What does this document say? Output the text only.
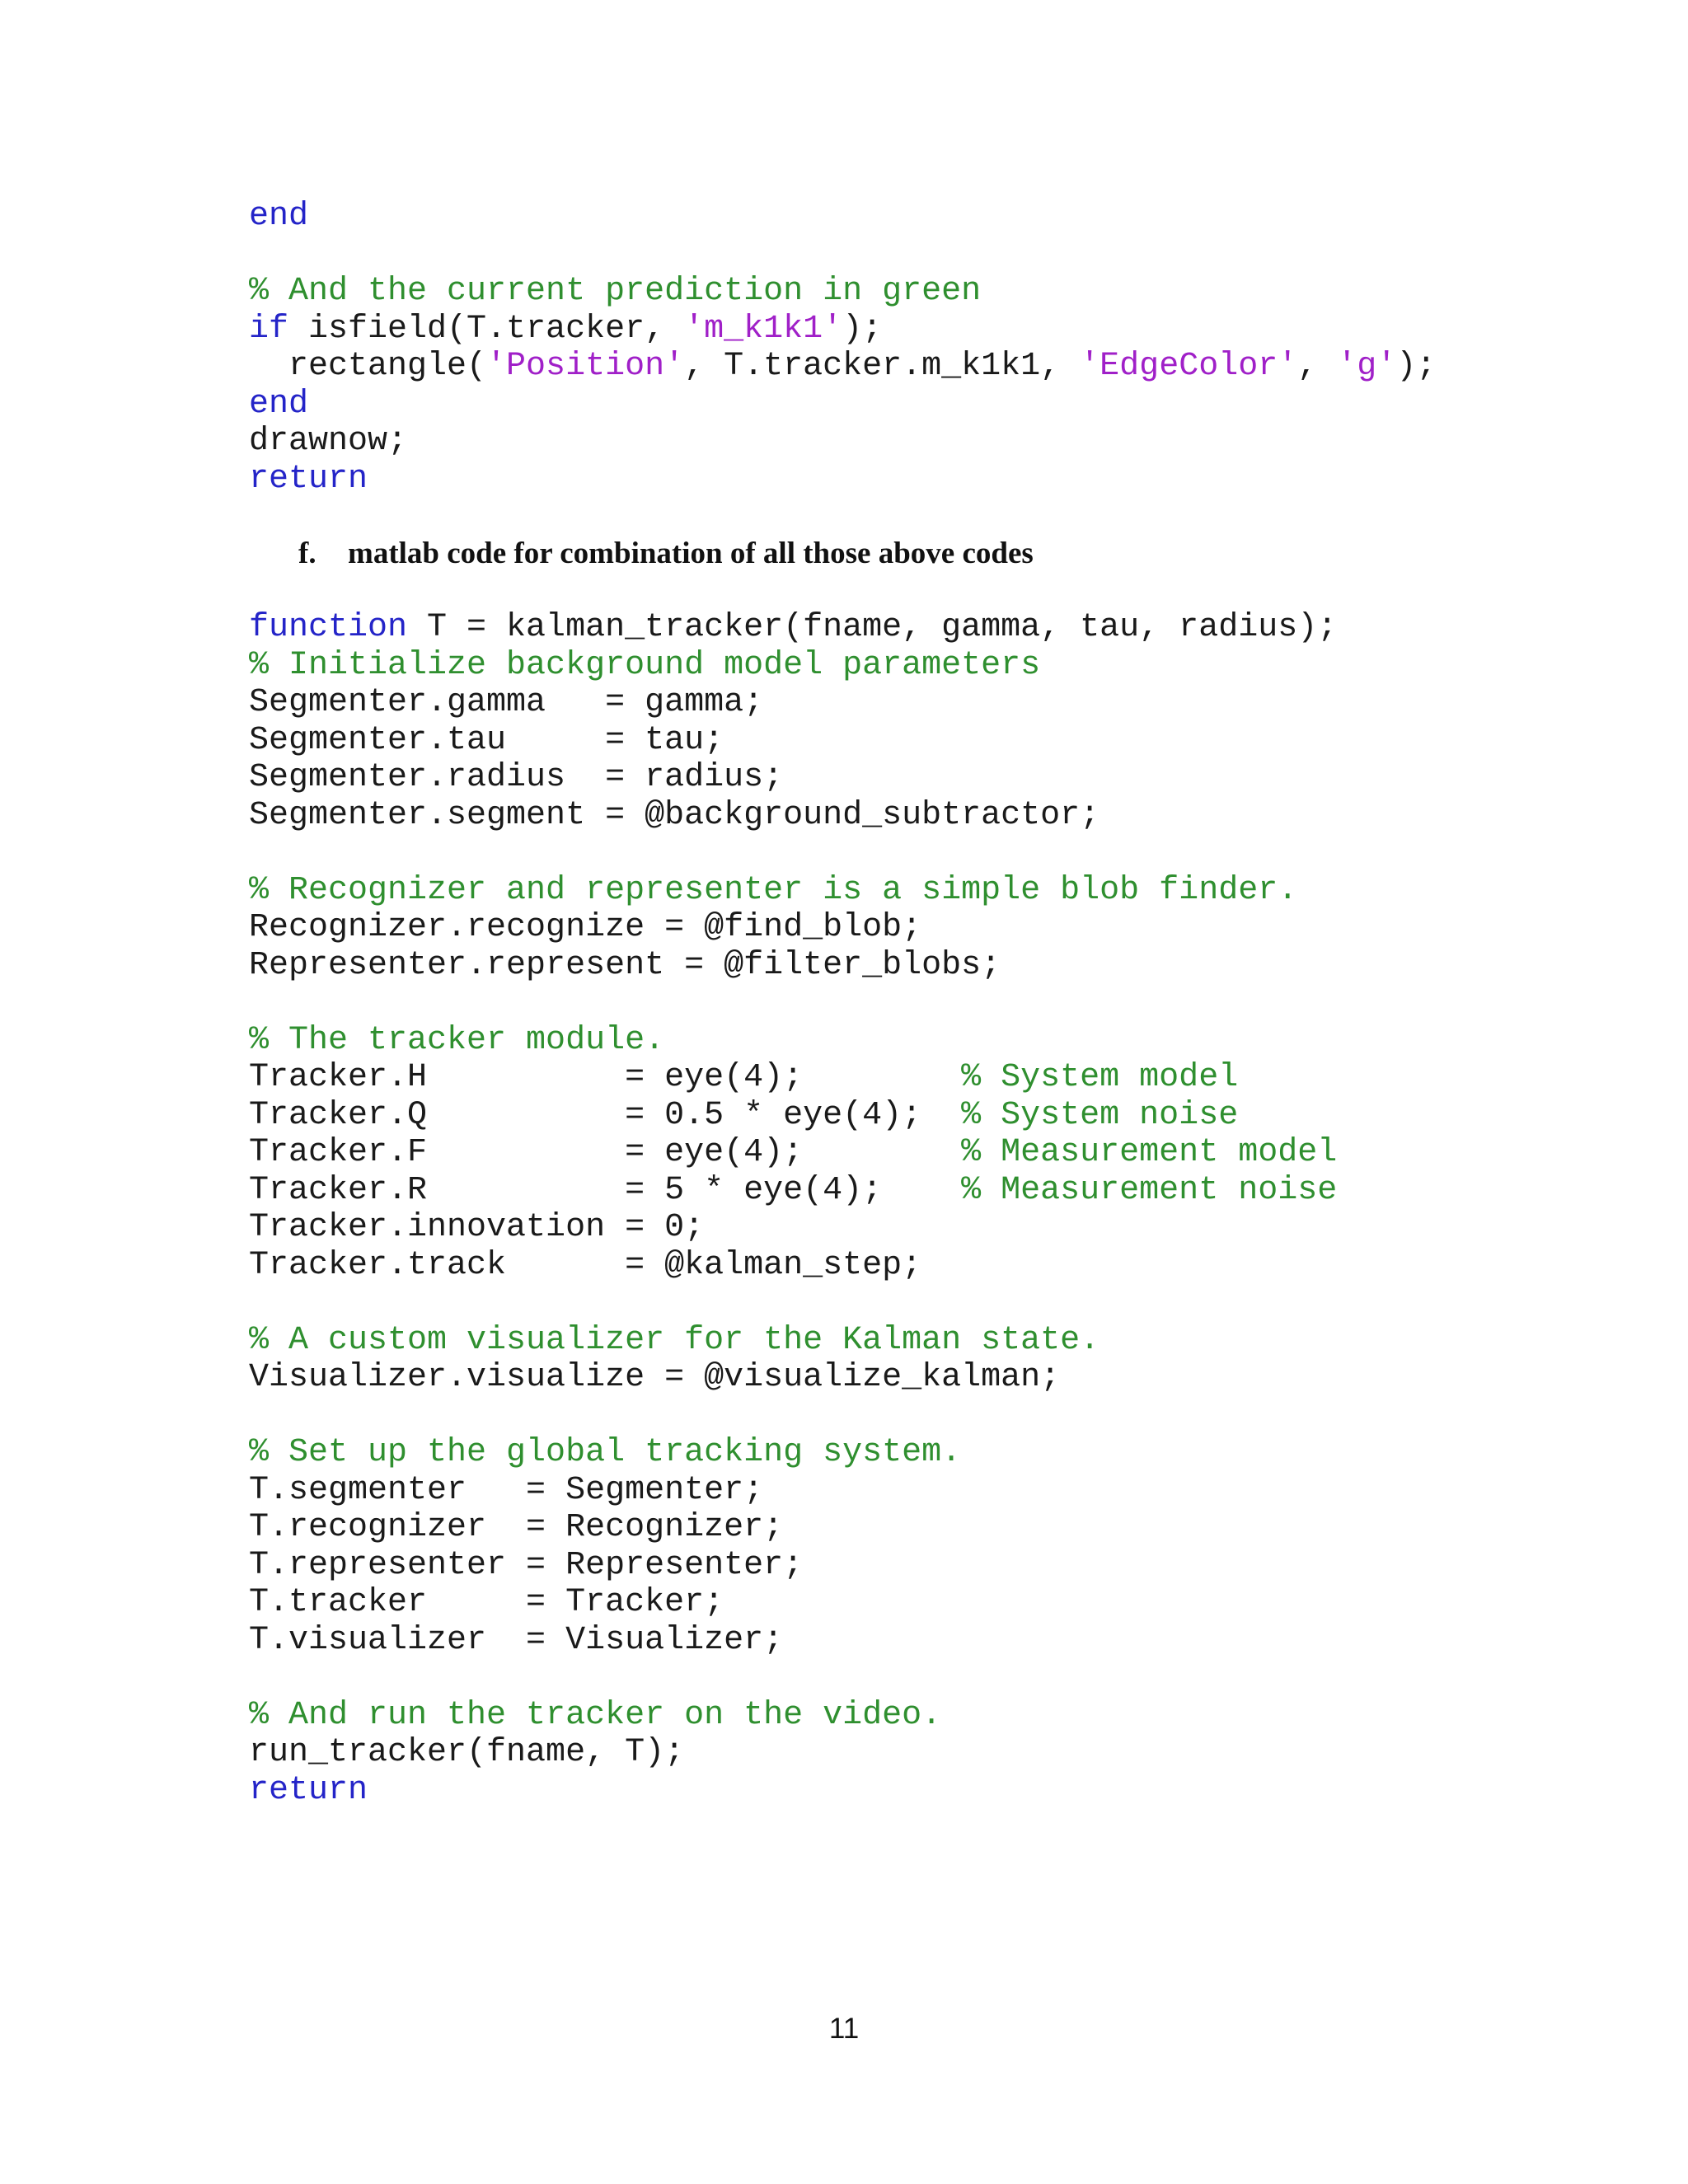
end
% And the current prediction in green
if isfield(T.tracker, 'm_k1k1');
rectangle('Position', T.tracker.m_k1k1, 'EdgeColor', 'g');
end
drawnow;
return
f. matlab code for combination of all those above codes
function T = kalman_tracker(fname, gamma, tau, radius);
% Initialize background model parameters
Segmenter.gamma   = gamma;
Segmenter.tau     = tau;
Segmenter.radius  = radius;
Segmenter.segment = @background_subtractor;
% Recognizer and representer is a simple blob finder.
Recognizer.recognize = @find_blob;
Representer.represent = @filter_blobs;
% The tracker module.
Tracker.H          = eye(4);        % System model
Tracker.Q          = 0.5 * eye(4);  % System noise
Tracker.F          = eye(4);        % Measurement model
Tracker.R          = 5 * eye(4);    % Measurement noise
Tracker.innovation = 0;
Tracker.track      = @kalman_step;
% A custom visualizer for the Kalman state.
Visualizer.visualize = @visualize_kalman;
% Set up the global tracking system.
T.segmenter   = Segmenter;
T.recognizer  = Recognizer;
T.representer = Representer;
T.tracker     = Tracker;
T.visualizer  = Visualizer;
% And run the tracker on the video.
run_tracker(fname, T);
return
11
